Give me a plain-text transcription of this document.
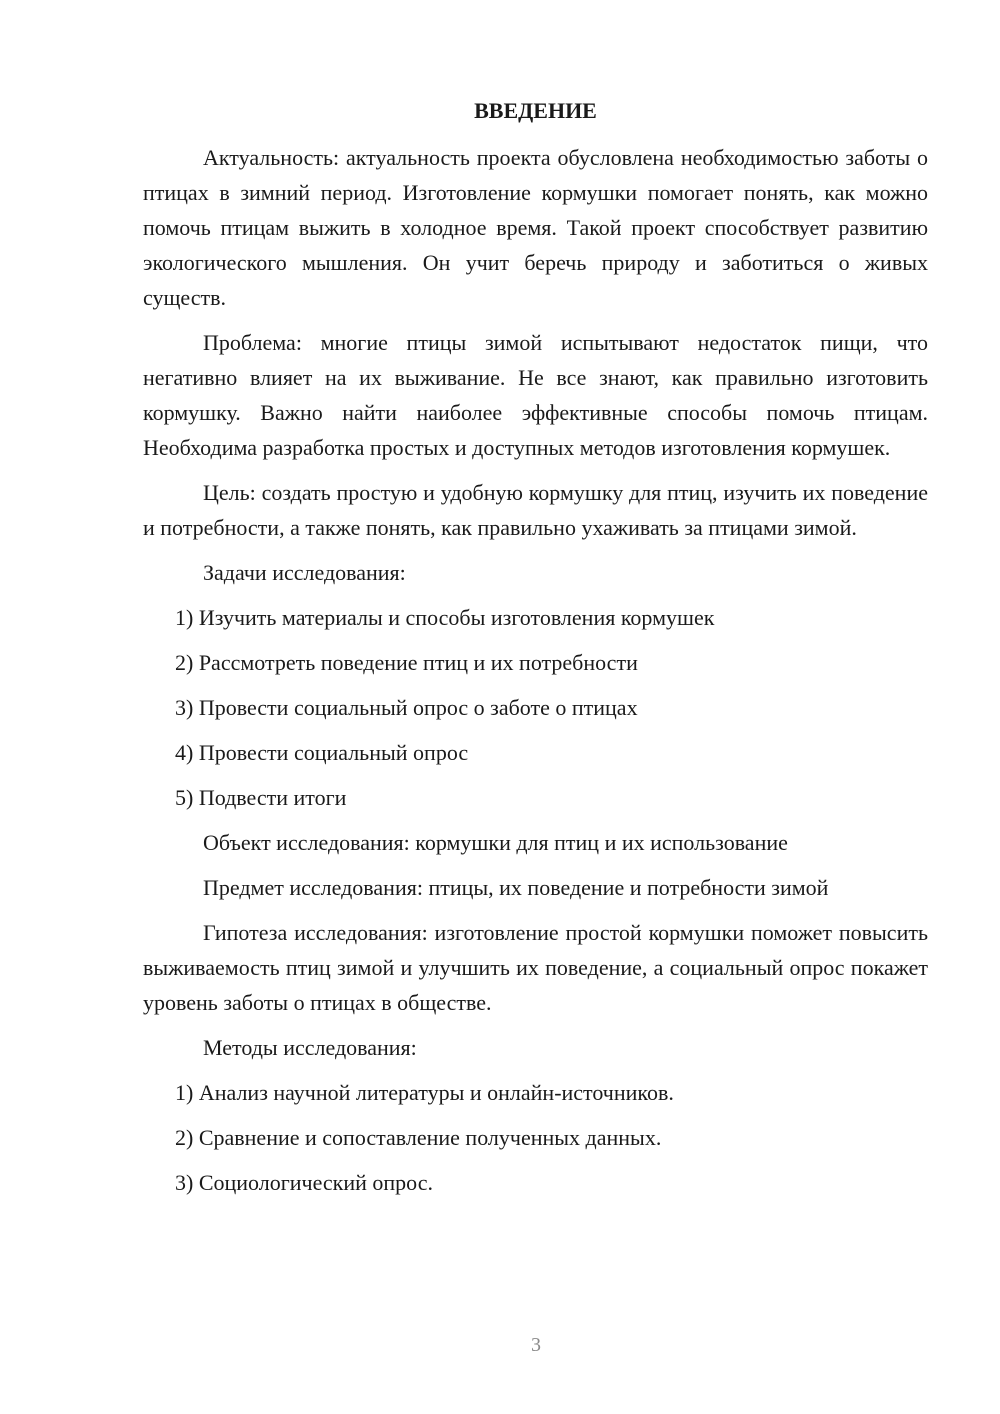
ВВЕДЕНИЕ

Актуальность: актуальность проекта обусловлена необходимостью заботы о птицах в зимний период. Изготовление кормушки помогает понять, как можно помочь птицам выжить в холодное время. Такой проект способствует развитию экологического мышления. Он учит беречь природу и заботиться о живых существ.

Проблема: многие птицы зимой испытывают недостаток пищи, что негативно влияет на их выживание. Не все знают, как правильно изготовить кормушку. Важно найти наиболее эффективные способы помочь птицам. Необходима разработка простых и доступных методов изготовления кормушек.

Цель: создать простую и удобную кормушку для птиц, изучить их поведение и потребности, а также понять, как правильно ухаживать за птицами зимой.

Задачи исследования:
1) Изучить материалы и способы изготовления кормушек
2) Рассмотреть поведение птиц и их потребности
3) Провести социальный опрос о заботе о птицах
4) Провести социальный опрос
5) Подвести итоги
Объект исследования: кормушки для птиц и их использование
Предмет исследования: птицы, их поведение и потребности зимой

Гипотеза исследования: изготовление простой кормушки поможет повысить выживаемость птиц зимой и улучшить их поведение, а социальный опрос покажет уровень заботы о птицах в обществе.

Методы исследования:
1) Анализ научной литературы и онлайн-источников.
2) Сравнение и сопоставление полученных данных.
3) Социологический опрос.
3
